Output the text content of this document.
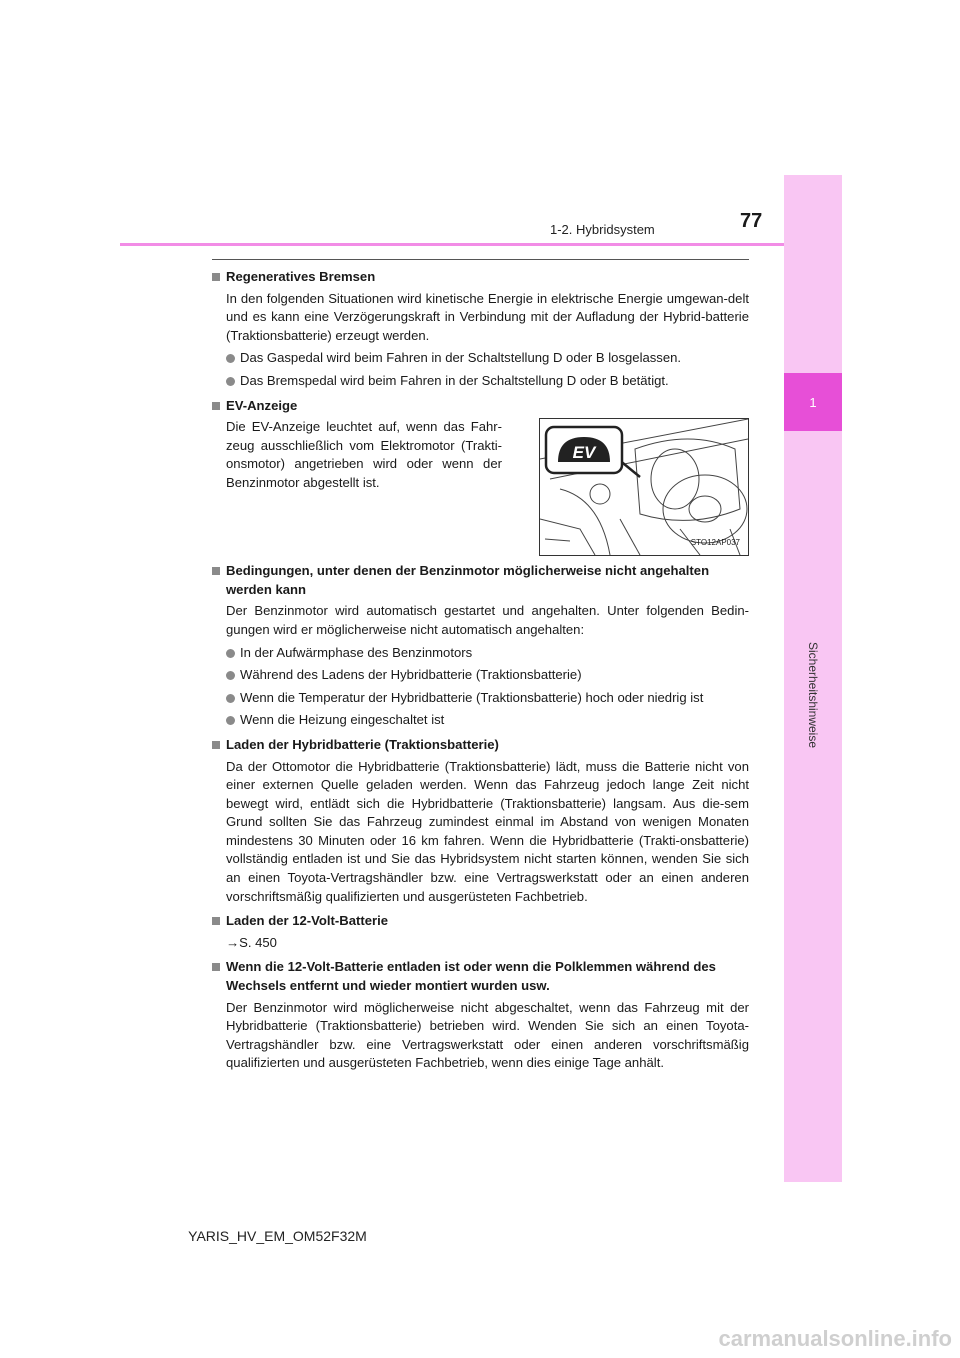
1
Sicherheitshinweise
1-2. Hybridsystem	77
Regeneratives Bremsen
In den folgenden Situationen wird kinetische Energie in elektrische Energie umgewan-delt und es kann eine Verzögerungskraft in Verbindung mit der Aufladung der Hybrid-batterie (Traktionsbatterie) erzeugt werden.
Das Gaspedal wird beim Fahren in der Schaltstellung D oder B losgelassen.
Das Bremspedal wird beim Fahren in der Schaltstellung D oder B betätigt.
EV-Anzeige
Die EV-Anzeige leuchtet auf, wenn das Fahr-zeug ausschließlich vom Elektromotor (Trakti-onsmotor) angetrieben wird oder wenn der Benzinmotor abgestellt ist.
EV
STO12AP037
Bedingungen, unter denen der Benzinmotor möglicherweise nicht angehalten werden kann
Der Benzinmotor wird automatisch gestartet und angehalten. Unter folgenden Bedin-gungen wird er möglicherweise nicht automatisch angehalten:
In der Aufwärmphase des Benzinmotors
Während des Ladens der Hybridbatterie (Traktionsbatterie)
Wenn die Temperatur der Hybridbatterie (Traktionsbatterie) hoch oder niedrig ist
Wenn die Heizung eingeschaltet ist
Laden der Hybridbatterie (Traktionsbatterie)
Da der Ottomotor die Hybridbatterie (Traktionsbatterie) lädt, muss die Batterie nicht von einer externen Quelle geladen werden. Wenn das Fahrzeug jedoch lange Zeit nicht bewegt wird, entlädt sich die Hybridbatterie (Traktionsbatterie) langsam. Aus die-sem Grund sollten Sie das Fahrzeug zumindest einmal im Abstand von wenigen Monaten mindestens 30 Minuten oder 16 km fahren. Wenn die Hybridbatterie (Trakti-onsbatterie) vollständig entladen ist und Sie das Hybridsystem nicht starten können, wenden Sie sich an einen Toyota-Vertragshändler bzw. eine Vertragswerkstatt oder an einen anderen vorschriftsmäßig qualifizierten und ausgerüsteten Fachbetrieb.
Laden der 12-Volt-Batterie
→S. 450
Wenn die 12-Volt-Batterie entladen ist oder wenn die Polklemmen während des Wechsels entfernt und wieder montiert wurden usw.
Der Benzinmotor wird möglicherweise nicht abgeschaltet, wenn das Fahrzeug mit der Hybridbatterie (Traktionsbatterie) betrieben wird. Wenden Sie sich an einen Toyota-Vertragshändler bzw. eine Vertragswerkstatt oder einen anderen vorschriftsmäßig qualifizierten und ausgerüsteten Fachbetrieb, wenn dies einige Tage anhält.
YARIS_HV_EM_OM52F32M
carmanualsonline.info
